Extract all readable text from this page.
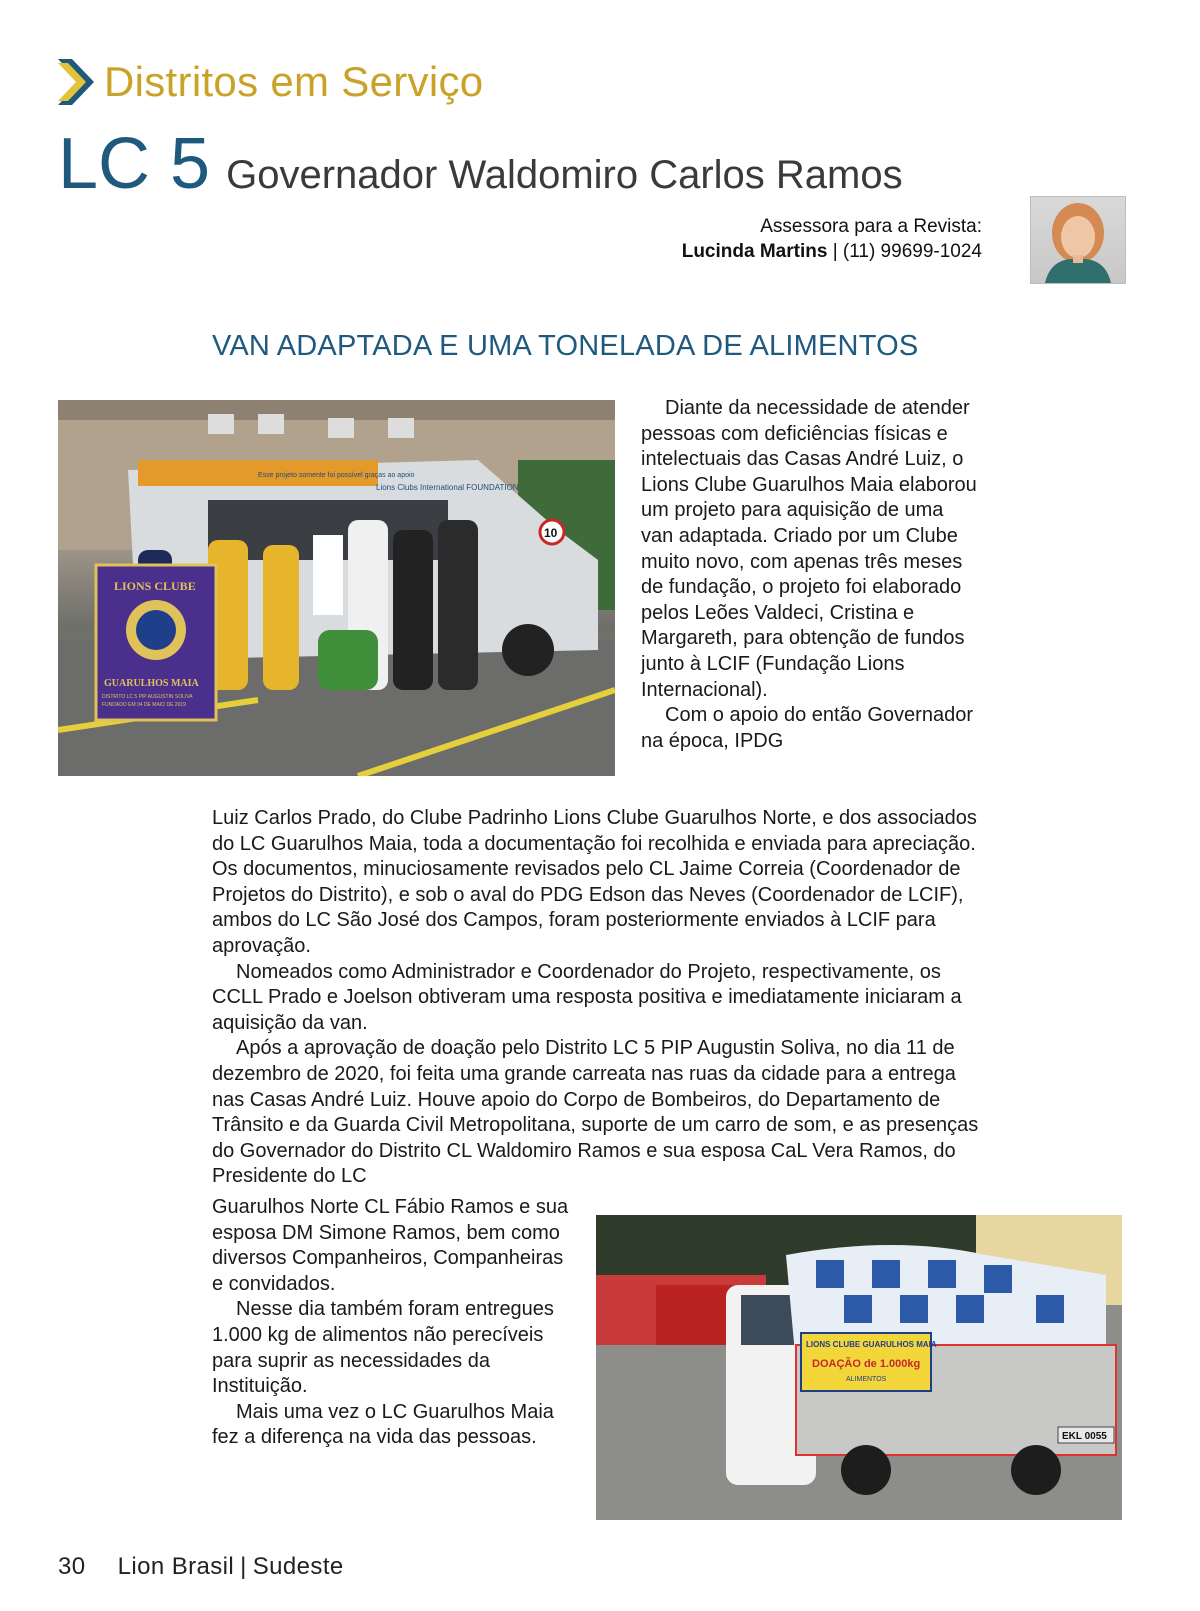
Distritos em Serviço
LC 5 Governador Waldomiro Carlos Ramos
Assessora para a Revista:
Lucinda Martins | (11) 99699-1024
VAN ADAPTADA E UMA TONELADA DE ALIMENTOS
Esse projeto somente foi possível graças ao apoio
Lions Clubs International FOUNDATION
10
LIONS CLUBE
GUARULHOS MAIA
DISTRITO LC 5 PIP AUGUSTIN SOLIVA
FUNDADO EM 04 DE MAIO DE 2019
LIONS CLUBE GUARULHOS MAIA
DOAÇÃO de 1.000kg
ALIMENTOS
EKL 0055

Diante da necessidade de atender pessoas com deficiências físicas e intelectuais das Casas André Luiz, o Lions Clube Guarulhos Maia elaborou um projeto para aquisição de uma van adaptada. Criado por um Clube muito novo, com apenas três meses de fundação, o projeto foi elaborado pelos Leões Valdeci, Cristina e Margareth, para obtenção de fundos junto à LCIF (Fundação Lions Internacional).

Com o apoio do então Governador na época, IPDG

Luiz Carlos Prado, do Clube Padrinho Lions Clube Guarulhos Norte, e dos associados do LC Guarulhos Maia, toda a documentação foi recolhida e enviada para apreciação. Os documentos, minuciosamente revisados pelo CL Jaime Correia (Coordenador de Projetos do Distrito), e sob o aval do PDG Edson das Neves (Coordenador de LCIF), ambos do LC São José dos Campos, foram posteriormente enviados à LCIF para aprovação.

Nomeados como Administrador e Coordenador do Projeto, respectivamente, os CCLL Prado e Joelson obtiveram uma resposta positiva e imediatamente iniciaram a aquisição da van.

Após a aprovação de doação pelo Distrito LC 5 PIP Augustin Soliva, no dia 11 de dezembro de 2020, foi feita uma grande carreata nas ruas da cidade para a entrega nas Casas André Luiz. Houve apoio do Corpo de Bombeiros, do Departamento de Trânsito e da Guarda Civil Metropolitana, suporte de um carro de som, e as presenças do Governador do Distrito CL Waldomiro Ramos e sua esposa CaL Vera Ramos, do Presidente do LC

Guarulhos Norte CL Fábio Ramos e sua esposa DM Simone Ramos, bem como diversos Companheiros, Companheiras e convidados.

Nesse dia também foram entregues 1.000 kg de alimentos não perecíveis para suprir as necessidades da Instituição.

Mais uma vez o LC Guarulhos Maia fez a diferença na vida das pessoas.

30 Lion Brasil | Sudeste
